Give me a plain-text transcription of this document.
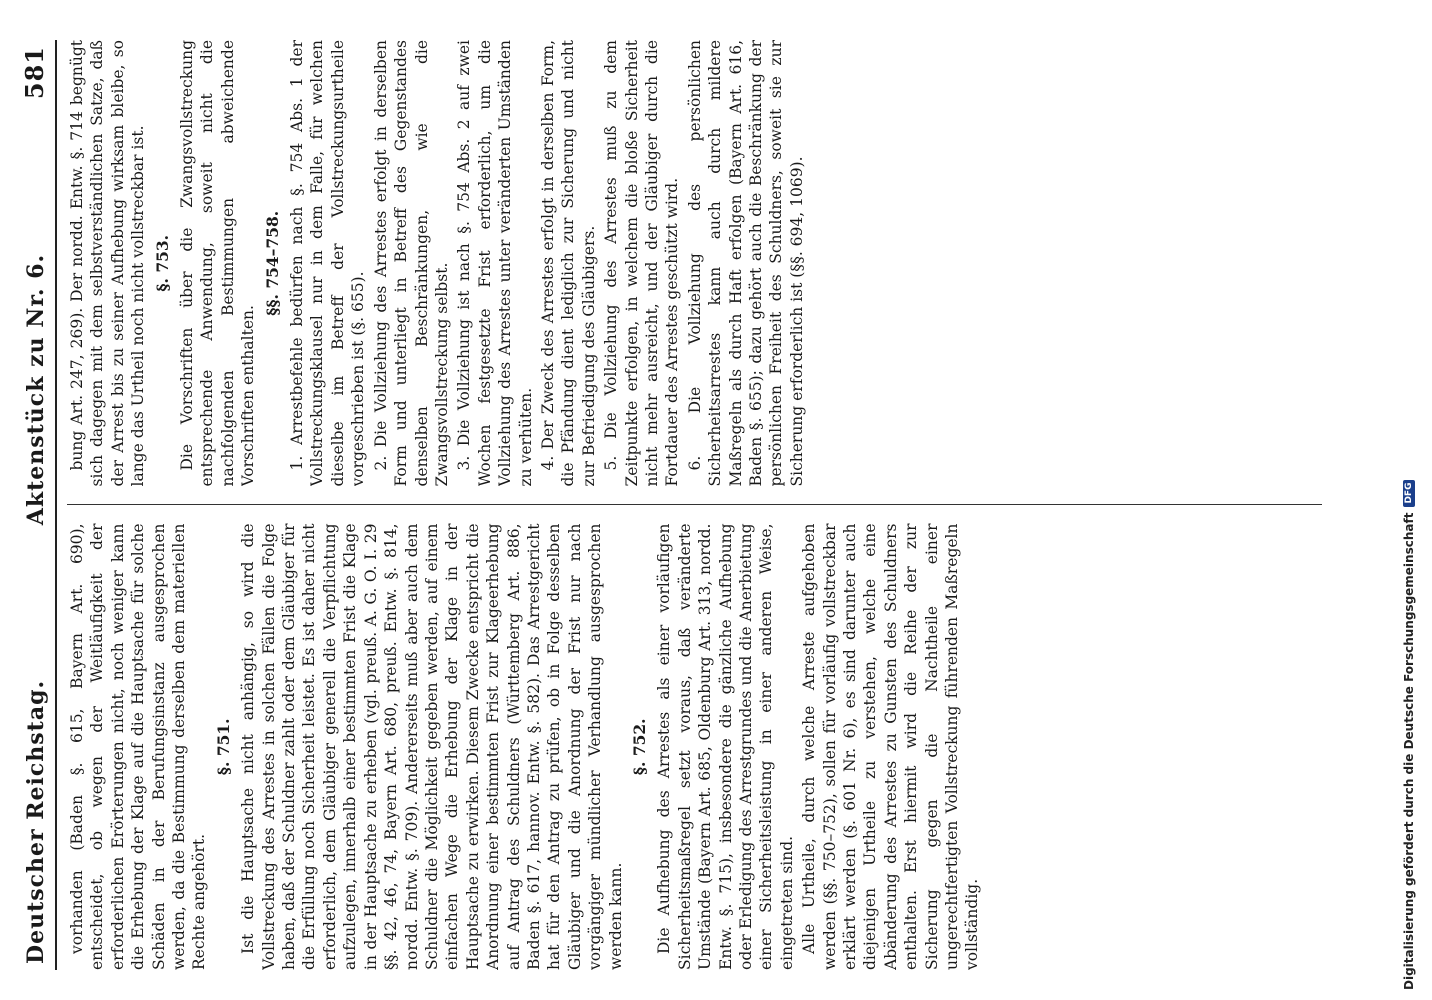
Deutscher Reichstag.
Aktenstück zu Nr. 6.
581

vorhanden (Baden §. 615, Bayern Art. 690), entscheidet, ob wegen der Weitläufigkeit der erforderlichen Erörterungen nicht, noch weniger kann die Erhebung der Klage auf die Hauptsache für solche Schäden in der Berufungsinstanz ausgesprochen werden, da die Bestimmung derselben dem materiellen Rechte angehört.

§. 751. Ist die Hauptsache nicht anhängig, so wird die Vollstreckung des Arrestes in solchen Fällen die Folge haben, daß der Schuldner zahlt oder dem Gläubiger für die Erfüllung noch Sicherheit leistet. Es ist daher nicht erforderlich, dem Gläubiger generell die Verpflichtung aufzulegen, innerhalb einer bestimmten Frist die Klage in der Hauptsache zu erheben (vgl. preuß. A. G. O. I. 29 §§. 42, 46, 74, Bayern Art. 680, preuß. Entw. §. 814, nordd. Entw. §. 709). Andererseits muß aber auch dem Schuldner die Möglichkeit gegeben werden, auf einem einfachen Wege die Erhebung der Klage in der Hauptsache zu erwirken. Diesem Zwecke entspricht die Anordnung einer bestimmten Frist zur Klageerhebung auf Antrag des Schuldners (Württemberg Art. 886, Baden §. 617, hannov. Entw. §. 582). Das Arrestgericht hat für den Antrag zu prüfen, ob in Folge desselben Gläubiger und die Anordnung der Frist nur nach vorgängiger mündlicher Verhandlung ausgesprochen werden kann.

§. 752. Die Aufhebung des Arrestes als einer vorläufigen Sicherheitsmaßregel setzt voraus, daß veränderte Umstände (Bayern Art. 685, Oldenburg Art. 313, nordd. Entw. §. 715), insbesondere die gänzliche Aufhebung oder Erledigung des Arrestgrundes und die Anerbietung einer Sicherheitsleistung in einer anderen Weise, eingetreten sind. Alle Urtheile, durch welche Arreste aufgehoben werden (§§. 750–752), sollen für vorläufig vollstreckbar erklärt werden (§. 601 Nr. 6), es sind darunter auch diejenigen Urtheile zu verstehen, welche eine Abänderung des Arrestes zu Gunsten des Schuldners enthalten. Erst hiermit wird die Reihe der zur Sicherung gegen die Nachtheile einer ungerechtfertigten Vollstreckung führenden Maßregeln vollständig.

bung Art. 247, 269). Der nordd. Entw. §. 714 begnügt sich dagegen mit dem selbstverständlichen Satze, daß der Arrest bis zu seiner Aufhebung wirksam bleibe, so lange das Urtheil noch nicht vollstreckbar ist. §. 753. Die Vorschriften über die Zwangsvollstreckung entsprechende Anwendung, soweit nicht die nachfolgenden Bestimmungen abweichende Vorschriften enthalten.

§§. 754–758. 1. Arrestbefehle bedürfen nach §. 754 Abs. 1 der Vollstreckungsklausel nur in dem Falle, für welchen dieselbe im Betreff der Vollstreckungsurtheile vorgeschrieben ist (§. 655). 2. Die Vollziehung des Arrestes erfolgt in derselben Form und unterliegt in Betreff des Gegenstandes denselben Beschränkungen, wie die Zwangsvollstreckung selbst. 3. Die Vollziehung ist nach §. 754 Abs. 2 auf zwei Wochen festgesetzte Frist erforderlich, um die Vollziehung des Arrestes unter veränderten Umständen zu verhüten. 4. Der Zweck des Arrestes erfolgt in derselben Form, die Pfändung dient lediglich zur Sicherung und nicht zur Befriedigung des Gläubigers. 5. Die Vollziehung des Arrestes muß zu dem Zeitpunkte erfolgen, in welchem die bloße Sicherheit nicht mehr ausreicht, und der Gläubiger durch die Fortdauer des Arrestes geschützt wird. 6. Die Vollziehung des persönlichen Sicherheitsarrestes kann auch durch mildere Maßregeln als durch Haft erfolgen (Bayern Art. 616, Baden §. 655); dazu gehört auch die Beschränkung der persönlichen Freiheit des Schuldners, soweit sie zur Sicherung erforderlich ist (§§. 694, 1069).

Digitalisierung gefördert durch die Deutsche Forschungsgemeinschaft
DFG
